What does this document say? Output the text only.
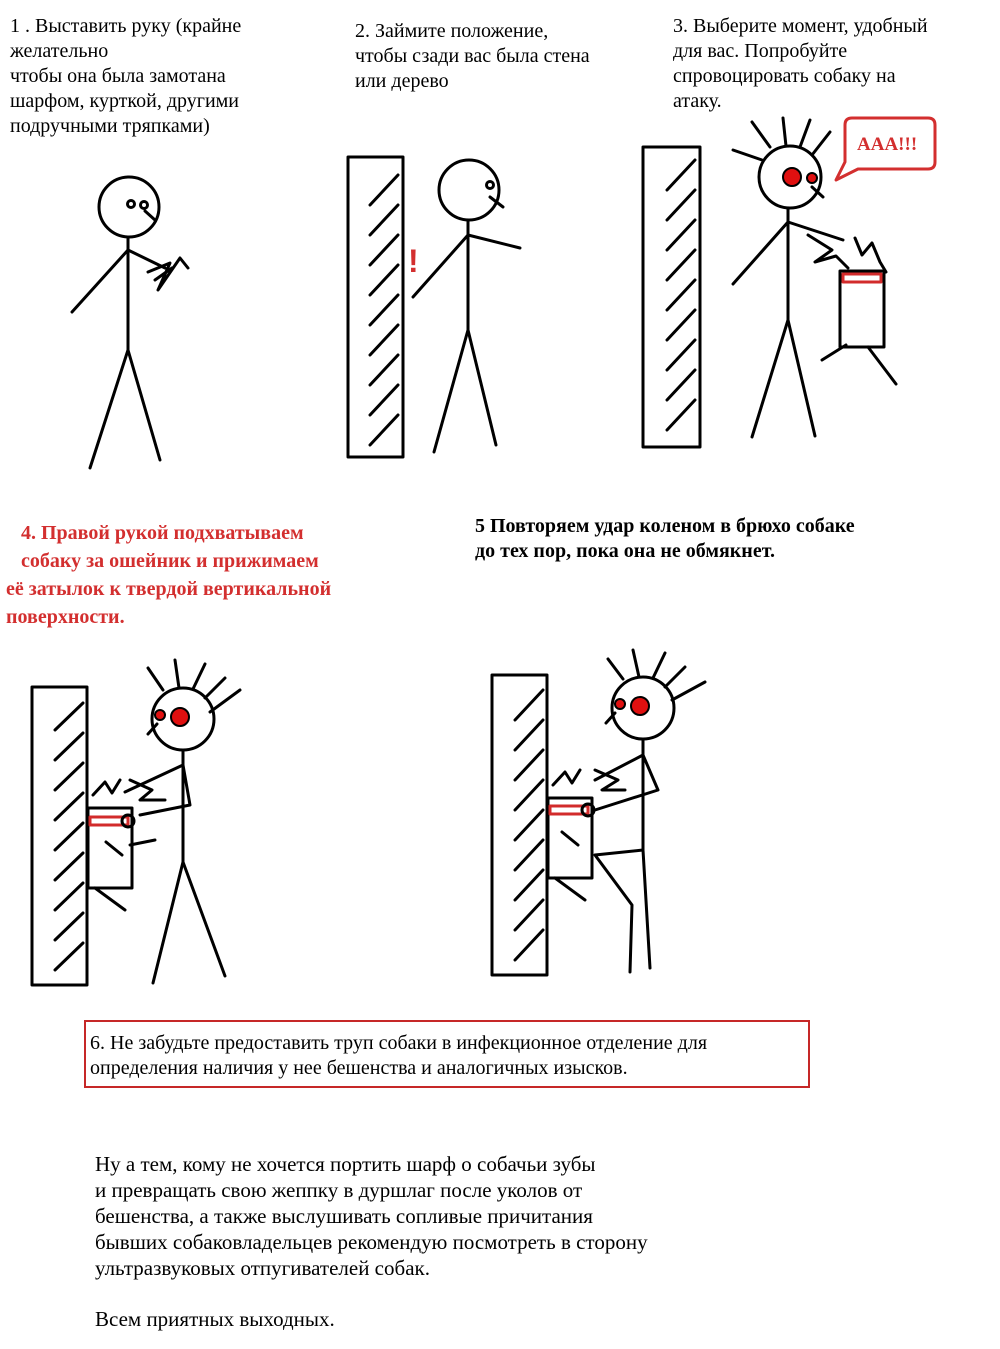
1 . Выставить руку (крайне
желательно
чтобы она была замотана
шарфом, курткой, другими
подручными тряпками)
2. Займите положение,
чтобы сзади вас была стена
или дерево
3. Выберите момент, удобный
для вас. Попробуйте
спровоцировать собаку на
атаку.
4. Правой рукой подхватываем
собаку за ошейник и прижимаем
её затылок к твердой вертикальной
поверхности.
5 Повторяем удар коленом в брюхо собаке
до тех пор, пока она не обмякнет.
6. Не забудьте предоставить труп собаки в инфекционное отделение для
определения наличия у нее бешенства и аналогичных изысков.
Ну а тем, кому не хочется портить шарф о собачьи зубы
и превращать свою жеппку в дуршлаг после уколов от
бешенства, а также выслушивать сопливые причитания
бывших собаковладельцев рекомендую посмотреть в сторону
ультразвуковых отпугивателей собак.
Всем приятных выходных.
!
AAA!!!
